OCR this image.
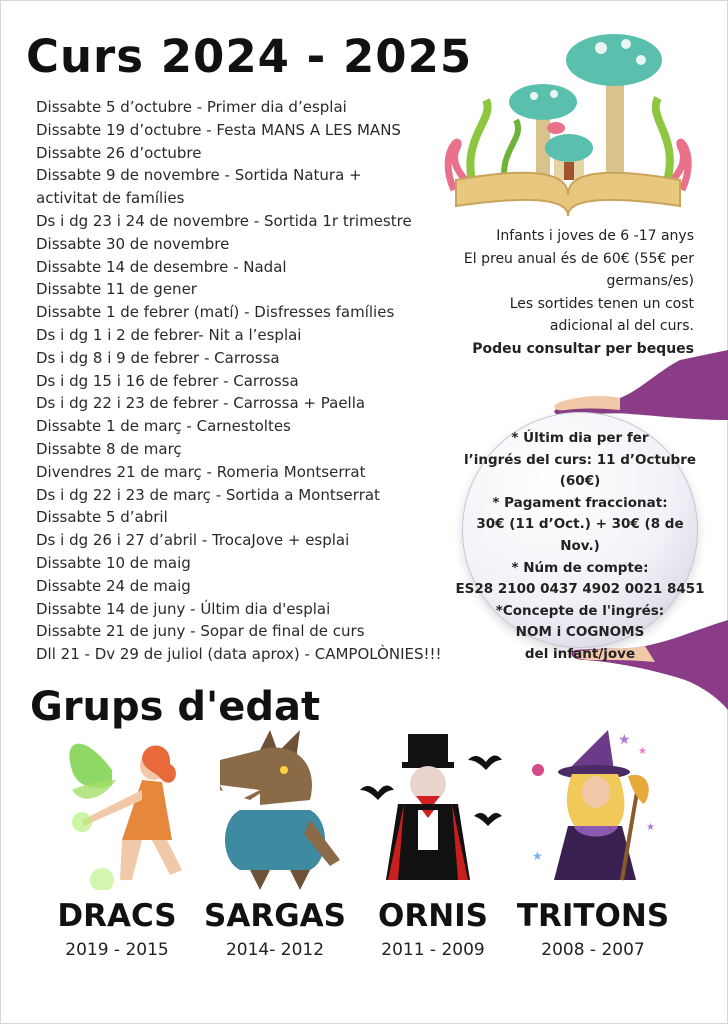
Curs 2024 - 2025
Dissabte 5 d’octubre - Primer dia d’esplai
Dissabte 19 d’octubre - Festa MANS A LES MANS
Dissabte 26 d’octubre
Dissabte 9 de novembre - Sortida Natura +
activitat de famílies
Ds i dg 23 i 24 de novembre - Sortida 1r trimestre
Dissabte 30 de novembre
Dissabte 14 de desembre - Nadal
Dissabte 11 de gener
Dissabte 1 de febrer (matí) - Disfresses famílies
Ds i dg 1 i 2 de febrer- Nit a l’esplai
Ds i dg 8 i 9 de febrer - Carrossa
Ds i dg 15 i 16 de febrer - Carrossa
Ds i dg 22 i 23 de febrer - Carrossa + Paella
Dissabte 1 de març - Carnestoltes
Dissabte 8 de març
Divendres 21 de març - Romeria Montserrat
Ds i dg 22 i 23 de març - Sortida a Montserrat
Dissabte 5 d’abril
Ds i dg 26 i 27 d’abril - TrocaJove + esplai
Dissabte 10 de maig
Dissabte 24 de maig
Dissabte 14 de juny - Últim dia d'esplai
Dissabte 21 de juny - Sopar de final de curs
Dll 21 - Dv 29 de juliol (data aprox) - CAMPOLÒNIES!!!

Infants i joves de 6 -17 anys

El preu anual és de 60€ (55€ per

germans/es)

Les sortides tenen un cost

adicional al del curs.

Podeu consultar per beques

* Últim dia per fer

l’ingrés del curs: 11 d’Octubre

(60€)

* Pagament fraccionat:

30€ (11 d’Oct.) + 30€ (8 de Nov.)

* Núm de compte:

ES28 2100 0437 4902 0021 8451

*Concepte de l'ingrés:

NOM i COGNOMS

del infant/jove

Grups d'edat
DRACS
2019 - 2015
SARGAS
2014- 2012
ORNIS
2011 - 2009
★
★
★
★
TRITONS
2008 - 2007
